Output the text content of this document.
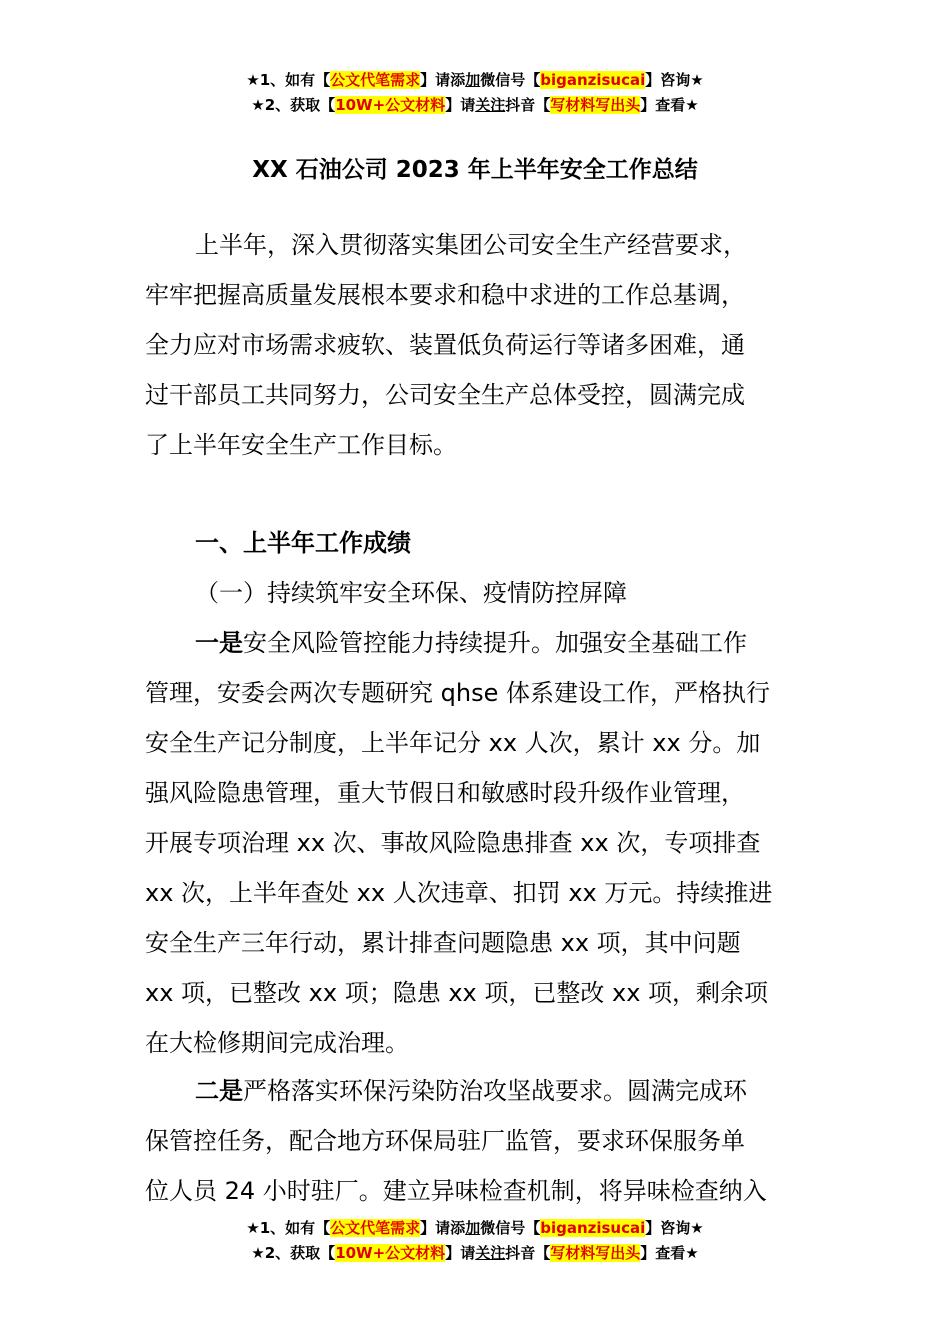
★1、如有【公文代笔需求】请添加微信号【biganzisucai】咨询★
★2、获取【10W+公文材料】请关注抖音【写材料写出头】查看★
XX 石油公司 2023 年上半年安全工作总结
上半年，深入贯彻落实集团公司安全生产经营要求，
牢牢把握高质量发展根本要求和稳中求进的工作总基调，
全力应对市场需求疲软、装置低负荷运行等诸多困难，通
过干部员工共同努力，公司安全生产总体受控，圆满完成
了上半年安全生产工作目标。
一、上半年工作成绩
（一）持续筑牢安全环保、疫情防控屏障
一是安全风险管控能力持续提升。加强安全基础工作
管理，安委会两次专题研究 qhse 体系建设工作，严格执行
安全生产记分制度，上半年记分 xx 人次，累计 xx 分。加
强风险隐患管理，重大节假日和敏感时段升级作业管理，
开展专项治理 xx 次、事故风险隐患排查 xx 次，专项排查
xx 次，上半年查处 xx 人次违章、扣罚 xx 万元。持续推进
安全生产三年行动，累计排查问题隐患 xx 项，其中问题
xx 项，已整改 xx 项；隐患 xx 项，已整改 xx 项，剩余项
在大检修期间完成治理。
二是严格落实环保污染防治攻坚战要求。圆满完成环
保管控任务，配合地方环保局驻厂监管，要求环保服务单
位人员 24 小时驻厂。建立异味检查机制，将异味检查纳入
★1、如有【公文代笔需求】请添加微信号【biganzisucai】咨询★
★2、获取【10W+公文材料】请关注抖音【写材料写出头】查看★
